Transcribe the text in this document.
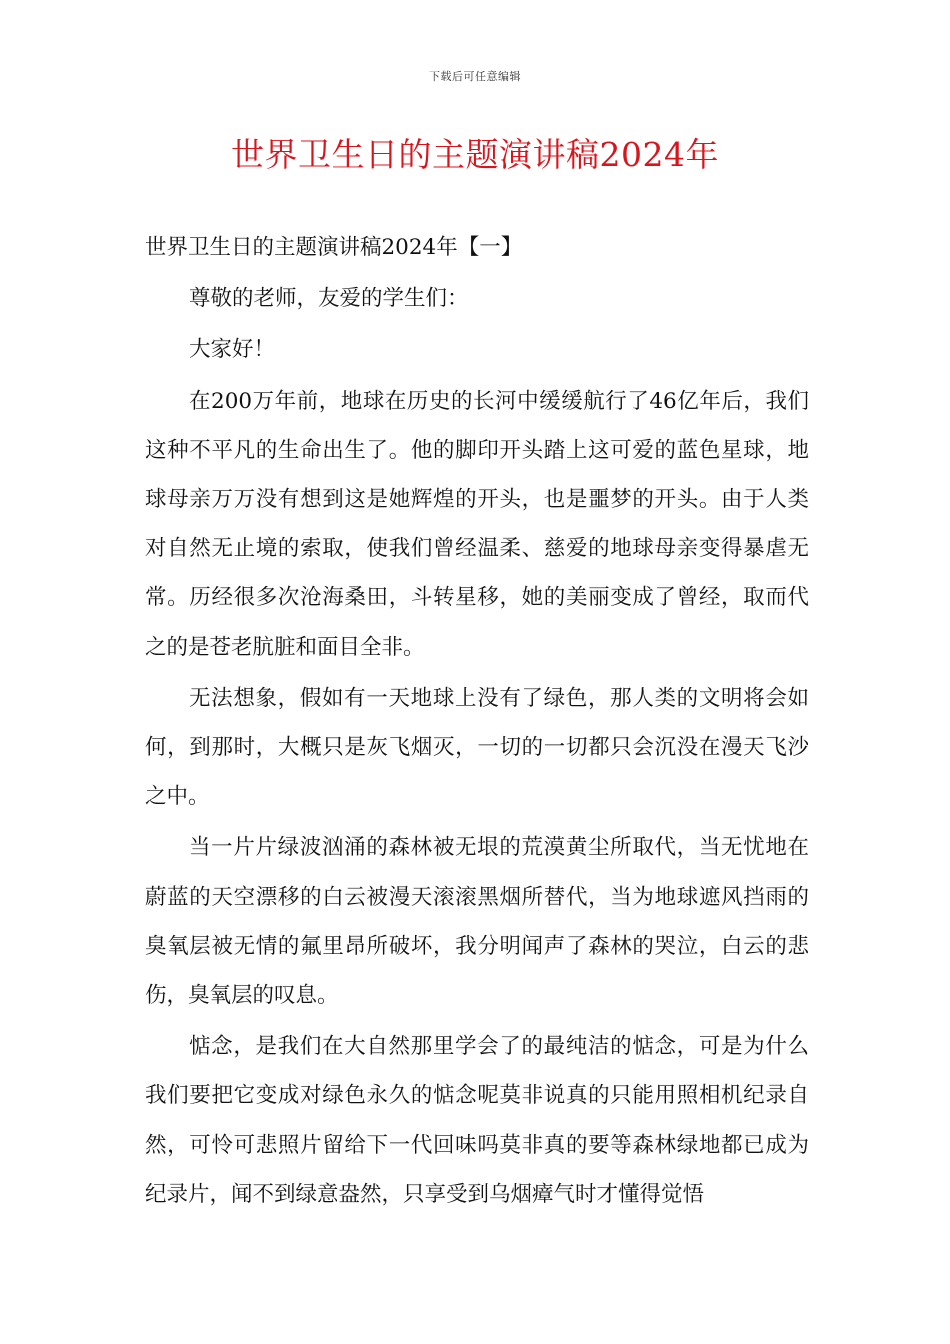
下载后可任意编辑
世界卫生日的主题演讲稿2024年

世界卫生日的主题演讲稿2024年【一】

尊敬的老师，友爱的学生们：

大家好！

在200万年前，地球在历史的长河中缓缓航行了46亿年后，我们这种不平凡的生命出生了。他的脚印开头踏上这可爱的蓝色星球，地球母亲万万没有想到这是她辉煌的开头，也是噩梦的开头。由于人类对自然无止境的索取，使我们曾经温柔、慈爱的地球母亲变得暴虐无常。历经很多次沧海桑田，斗转星移，她的美丽变成了曾经，取而代之的是苍老肮脏和面目全非。

无法想象，假如有一天地球上没有了绿色，那人类的文明将会如何，到那时，大概只是灰飞烟灭，一切的一切都只会沉没在漫天飞沙之中。

当一片片绿波汹涌的森林被无垠的荒漠黄尘所取代，当无忧地在蔚蓝的天空漂移的白云被漫天滚滚黑烟所替代，当为地球遮风挡雨的臭氧层被无情的氟里昂所破坏，我分明闻声了森林的哭泣，白云的悲伤，臭氧层的叹息。

惦念，是我们在大自然那里学会了的最纯洁的惦念，可是为什么我们要把它变成对绿色永久的惦念呢莫非说真的只能用照相机纪录自然，可怜可悲照片留给下一代回味吗莫非真的要等森林绿地都已成为纪录片，闻不到绿意盎然，只享受到乌烟瘴气时才懂得觉悟
